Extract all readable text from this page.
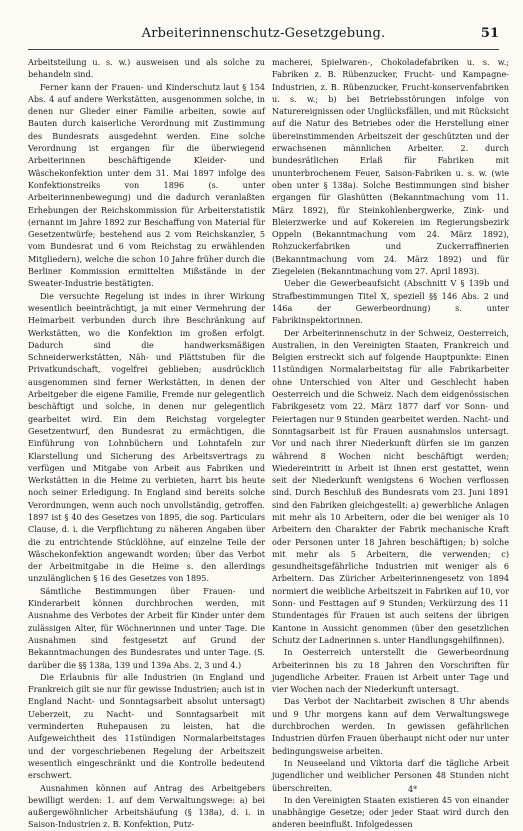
Arbeiterinnenschutz-Gesetzgebung.	51

Arbeitsteilung u. s. w.) ausweisen und als solche zu behandeln sind.

Ferner kann der Frauen- und Kinderschutz laut § 154 Abs. 4 auf andere Werkstätten, ausgenommen solche, in denen nur Glieder einer Familie arbeiten, sowie auf Bauten durch kaiserliche Verordnung mit Zustimmung des Bundesrats ausgedehnt werden. Eine solche Verordnung ist ergangen für die überwiegend Arbeiterinnen beschäftigende Kleider- und Wäschekonfektion unter dem 31. Mai 1897 infolge des Konfektionstreiks von 1896 (s. unter Arbeiterinnenbewegung) und die dadurch veranlaßten Erhebungen der Reichskommission für Arbeiterstatistik (ernannt im Jahre 1892 zur Beschaffung von Material für Gesetzentwürfe; bestehend aus 2 vom Reichskanzler, 5 vom Bundesrat und 6 vom Reichstag zu erwählenden Mitgliedern), welche die schon 10 Jahre früher durch die Berliner Kommission ermittelten Mißstände in der Sweater-Industrie bestätigten.

Die versuchte Regelung ist indes in ihrer Wirkung wesentlich beeinträchtigt, ja mit einer Vermehrung der Heimarbeit verbunden durch ihre Beschränkung auf Werkstätten, wo die Konfektion im großen erfolgt. Dadurch sind die handwerksmäßigen Schneiderwerkstätten, Näh- und Plättstuben für die Privatkundschaft, vogelfrei geblieben; ausdrücklich ausgenommen sind ferner Werkstätten, in denen der Arbeitgeber die eigene Familie, Fremde nur gelegentlich beschäftigt und solche, in denen nur gelegentlich gearbeitet wird. Ein dem Reichstag vorgelegter Gesetzentwurf, den Bundesrat zu ermächtigen, die Einführung von Lohnbüchern und Lohntafeln zur Klarstellung und Sicherung des Arbeitsvertrags zu verfügen und Mitgabe von Arbeit aus Fabriken und Werkstätten in die Heime zu verbieten, harrt bis heute noch seiner Erledigung. In England sind bereits solche Verordnungen, wenn auch noch unvollständig, getroffen. 1897 ist § 40 des Gesetzes von 1895, die sog. Particulars Clause, d. i. die Verpflichtung zu näheren Angaben über die zu entrichtende Stücklöhne, auf einzelne Teile der Wäschekonfektion angewandt worden; über das Verbot der Arbeitmitgabe in die Heime s. den allerdings unzulänglichen § 16 des Gesetzes von 1895.

Sämtliche Bestimmungen über Frauen- und Kinderarbeit können durchbrochen werden, mit Ausnahme des Verbotes der Arbeit für Kinder unter dem zulässigen Alter, für Wöchnerinnen und unter Tage. Die Ausnahmen sind festgesetzt auf Grund der Bekanntmachungen des Bundesrates und unter Tage. (S. darüber die §§ 138a, 139 und 139a Abs. 2, 3 und 4.)

Die Erlaubnis für alle Industrien (in England und Frankreich gilt sie nur für gewisse Industrien; auch ist in England Nacht- und Sonntagsarbeit absolut untersagt) Ueberzeit, zu Nacht- und Sonntagsarbeit mit verminderten Ruhepausen zu leisten, hat die Aufgeweichtheit des 11stündigen Normalarbeitstages und der vorgeschriebenen Regelung der Arbeitszeit wesentlich eingeschränkt und die Kontrolle bedeutend erschwert.

Ausnahmen können auf Antrag des Arbeitgebers bewilligt werden: 1. auf dem Verwaltungswege: a) bei außergewöhnlicher Arbeitshäufung (§ 138a), d. i. in Saison-Industrien z. B. Konfektion, Putz-

macherei, Spielwaren-, Chokoladefabriken u. s. w.; Fabriken z. B. Rübenzucker, Frucht- und Kampagne-Industrien, z. B. Rübenzucker, Frucht-konservenfabriken u. s. w.; b) bei Betriebsstörungen infolge von Naturereignissen oder Unglücksfällen, und mit Rücksicht auf die Natur des Betriebes oder die Herstellung einer übereinstimmenden Arbeitszeit der geschützten und der erwachsenen männlichen Arbeiter. 2. durch bundesrätlichen Erlaß für Fabriken mit ununterbrochenem Feuer, Saison-Fabriken u. s. w. (wie oben unter § 138a). Solche Bestimmungen sind bisher ergangen für Glashütten (Bekanntmachung vom 11. März 1892), für Steinkohlenbergwerke, Zink- und Bleierzwerke und auf Kokereien im Regierungsbezirk Oppeln (Bekanntmachung vom 24. März 1892), Rohzuckerfabriken und Zuckerraffinerien (Bekanntmachung vom 24. März 1892) und für Ziegeleien (Bekanntmachung vom 27. April 1893).

Ueber die Gewerbeaufsicht (Abschnitt V § 139b und Strafbestimmungen Titel X, speziell §§ 146 Abs. 2 und 146a der Gewerbeordnung) s. unter Fabrikinspektorinnen.

Der Arbeiterinnenschutz in der Schweiz, Oesterreich, Australien, in den Vereinigten Staaten, Frankreich und Belgien erstreckt sich auf folgende Hauptpunkte: Einen 11stündigen Normalarbeitstag für alle Fabrikarbeiter ohne Unterschied von Alter und Geschlecht haben Oesterreich und die Schweiz. Nach dem eidgenössischen Fabrikgesetz vom 22. März 1877 darf vor Sonn- und Feiertagen nur 9 Stunden gearbeitet werden. Nacht- und Sonntagsarbeit ist für Frauen ausnahmslos untersagt. Vor und nach ihrer Niederkunft dürfen sie im ganzen während 8 Wochen nicht beschäftigt werden; Wiedereintritt in Arbeit ist ihnen erst gestattet, wenn seit der Niederkunft wenigstens 6 Wochen verflossen sind. Durch Beschluß des Bundesrats vom 23. Juni 1891 sind den Fabriken gleichgestellt: a) gewerbliche Anlagen mit mehr als 10 Arbeitern, oder die bei weniger als 10 Arbeitern den Charakter der Fabrik mechanische Kraft oder Personen unter 18 Jahren beschäftigen; b) solche mit mehr als 5 Arbeitern, die verwenden; c) gesundheitsgefährliche Industrien mit weniger als 6 Arbeitern. Das Züricher Arbeiterinnengesetz von 1894 normiert die weibliche Arbeitszeit in Fabriken auf 10, vor Sonn- und Festtagen auf 9 Stunden; Verkürzung des 11 Stundentages für Frauen ist auch seitens der übrigen Kantone in Aussicht genommen (über den gesetzlichen Schutz der Ladnerinnen s. unter Handlungsgehilfinnen).

In Oesterreich unterstellt die Gewerbeordnung Arbeiterinnen bis zu 18 Jahren den Vorschriften für jugendliche Arbeiter. Frauen ist Arbeit unter Tage und vier Wochen nach der Niederkunft untersagt.

Das Verbot der Nachtarbeit zwischen 8 Uhr abends und 9 Uhr morgens kann auf dem Verwaltungswege durchbrochen werden. In gewissen gefährlichen Industrien dürfen Frauen überhaupt nicht oder nur unter bedingungsweise arbeiten.

In Neuseeland und Viktoria darf die tägliche Arbeit jugendlicher und weiblicher Personen 48 Stunden nicht überschreiten.

In den Vereinigten Staaten existieren 45 von einander unabhängige Gesetze; oder jeder Staat wird durch den anderen beeinflußt. Infolgedessen

4*
